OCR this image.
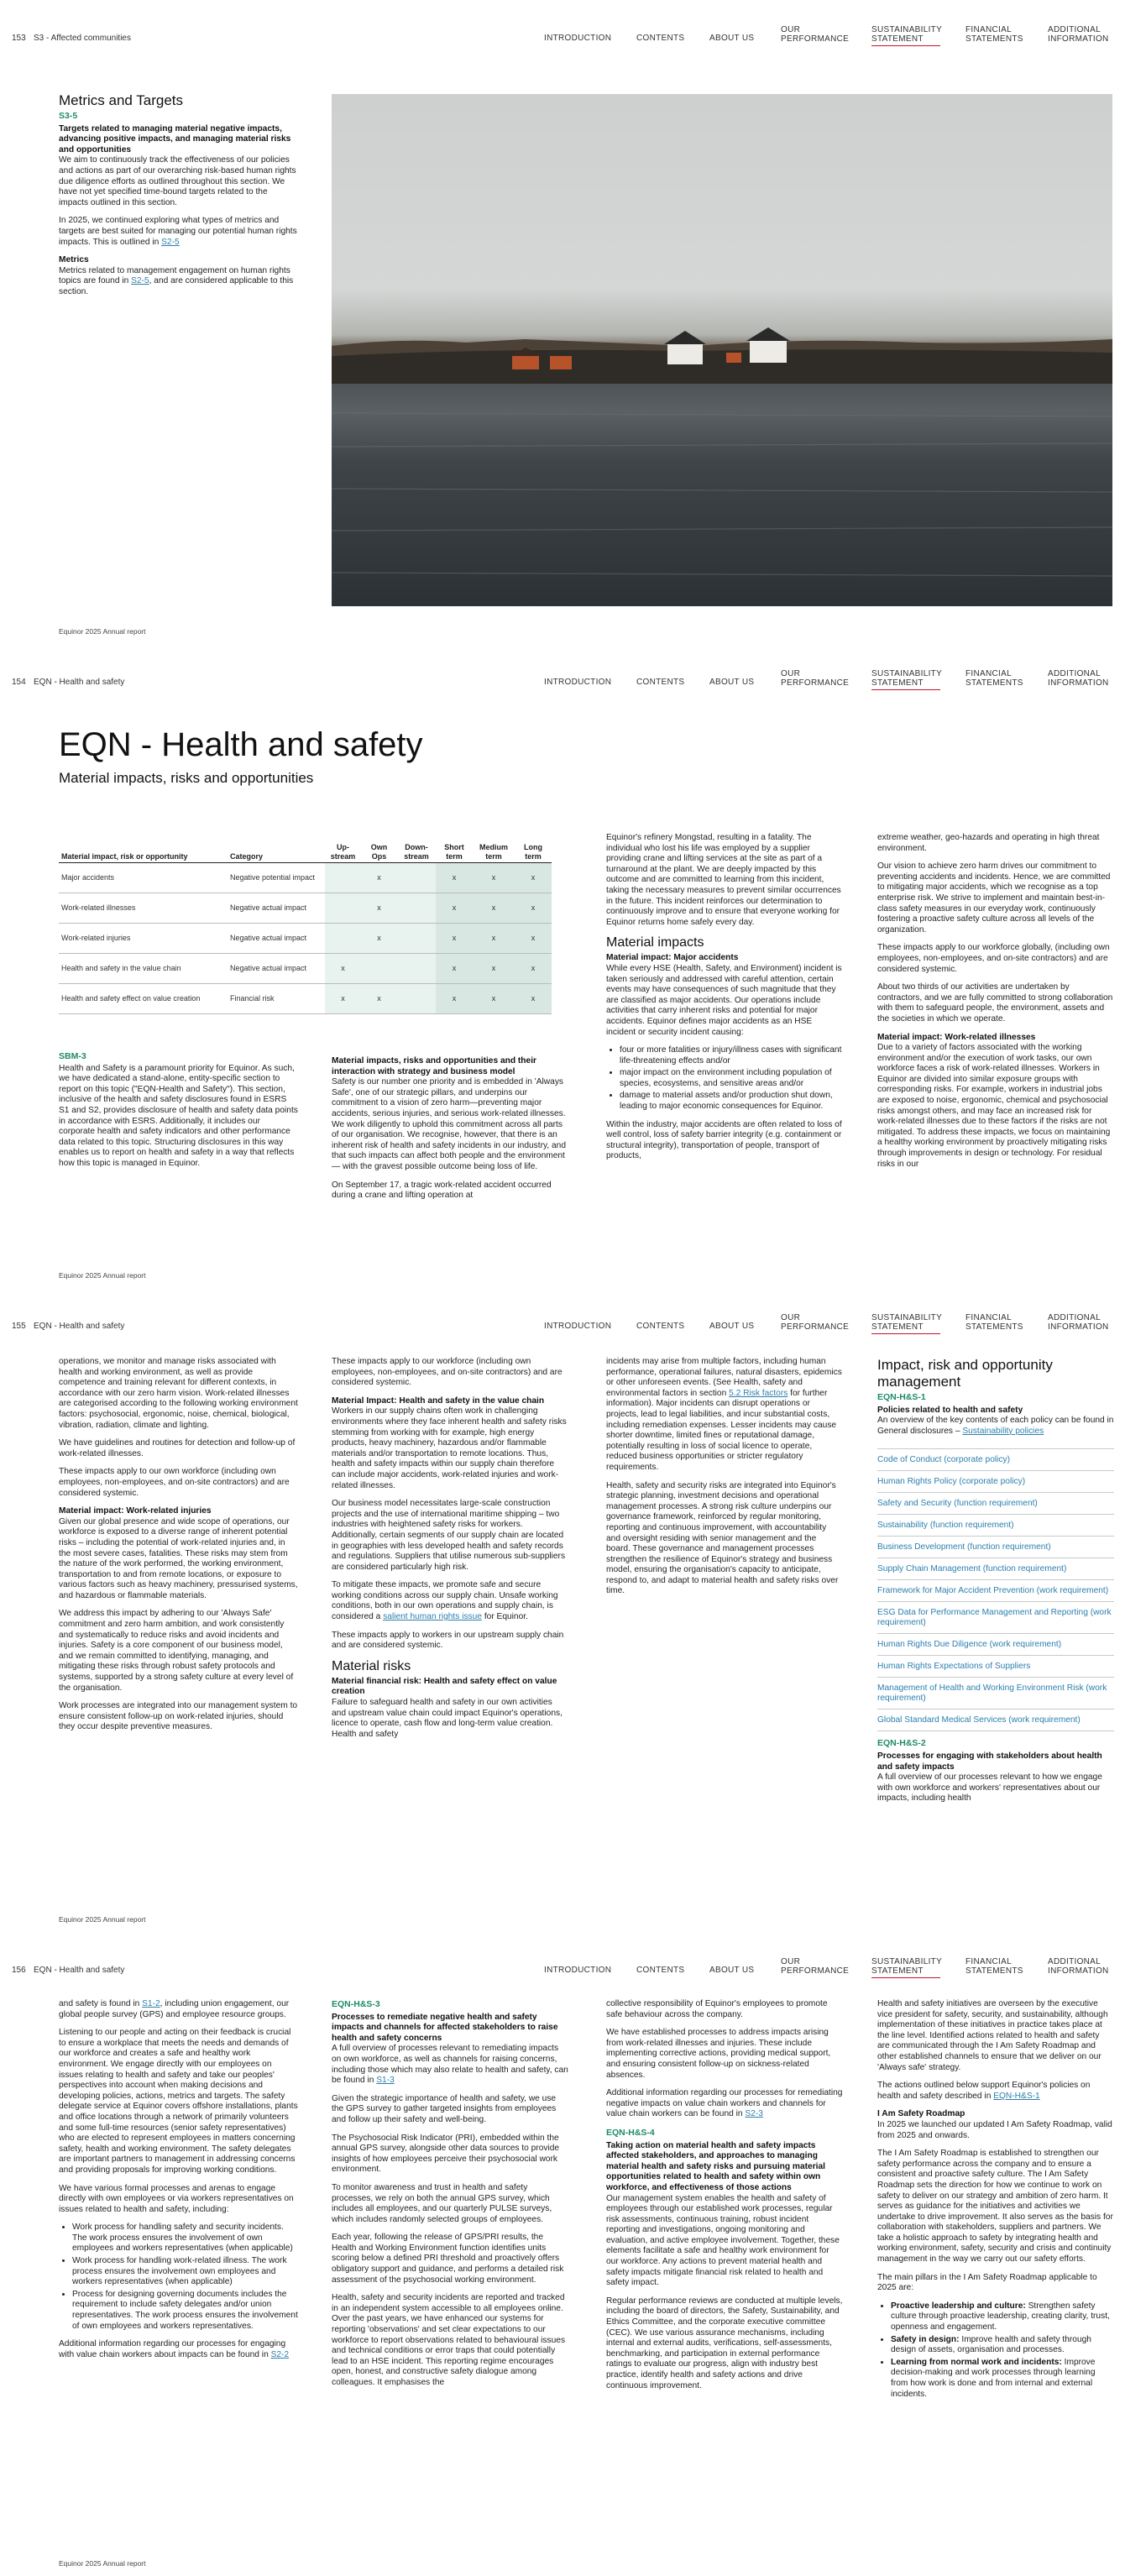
153 S3 - Affected communities	INTRODUCTION	CONTENTS	ABOUT US
OUR PERFORMANCE
SUSTAINABILITY STATEMENT
FINANCIAL STATEMENTS
ADDITIONAL INFORMATION
Metrics and Targets
S3-5
Targets related to managing material negative impacts, advancing positive impacts, and managing material risks and opportunities

We aim to continuously track the effectiveness of our policies and actions as part of our overarching risk-based human rights due diligence efforts as outlined throughout this section. We have not yet specified time-bound targets related to the impacts outlined in this section.

In 2025, we continued exploring what types of metrics and targets are best suited for managing our potential human rights impacts. This is outlined in S2-5

Metrics

Metrics related to management engagement on human rights topics are found in S2-5, and are considered applicable to this section.

Equinor 2025 Annual report
154 EQN - Health and safety	INTRODUCTION	CONTENTS	ABOUT US
OUR PERFORMANCE
SUSTAINABILITY STATEMENT
FINANCIAL STATEMENTS
ADDITIONAL INFORMATION
EQN - Health and safety
Material impacts, risks and opportunities
Equinor 2025 Annual report
Material impact, risk or opportunity	Category	Up-stream	Own Ops	Down-stream	Short term	Medium term	Long term
Major accidents	Negative potential impact		x		x	x	x
Work-related illnesses	Negative actual impact		x		x	x	x
Work-related injuries	Negative actual impact		x		x	x	x
Health and safety in the value chain	Negative actual impact	x			x	x	x
Health and safety effect on value creation	Financial risk	x	x		x	x	x
SBM-3

Health and Safety is a paramount priority for Equinor. As such, we have dedicated a stand-alone, entity-specific section to report on this topic ("EQN-Health and Safety"). This section, inclusive of the health and safety disclosures found in ESRS S1 and S2, provides disclosure of health and safety data points in accordance with ESRS. Additionally, it includes our corporate health and safety indicators and other performance data related to this topic. Structuring disclosures in this way enables us to report on health and safety in a way that reflects how this topic is managed in Equinor.

Material impacts, risks and opportunities and their interaction with strategy and business model

Safety is our number one priority and is embedded in 'Always Safe', one of our strategic pillars, and underpins our commitment to a vision of zero harm—preventing major accidents, serious injuries, and serious work-related illnesses. We work diligently to uphold this commitment across all parts of our organisation. We recognise, however, that there is an inherent risk of health and safety incidents in our industry, and that such impacts can affect both people and the environment — with the gravest possible outcome being loss of life.

On September 17, a tragic work-related accident occurred during a crane and lifting operation at

Equinor's refinery Mongstad, resulting in a fatality. The individual who lost his life was employed by a supplier providing crane and lifting services at the site as part of a turnaround at the plant. We are deeply impacted by this outcome and are committed to learning from this incident, taking the necessary measures to prevent similar occurrences in the future. This incident reinforces our determination to continuously improve and to ensure that everyone working for Equinor returns home safely every day.

Material impacts
Material impact: Major accidents

While every HSE (Health, Safety, and Environment) incident is taken seriously and addressed with careful attention, certain events may have consequences of such magnitude that they are classified as major accidents. Our operations include activities that carry inherent risks and potential for major accidents. Equinor defines major accidents as an HSE incident or security incident causing:

• four or more fatalities or injury/illness cases with significant life-threatening effects and/or
• major impact on the environment including population of species, ecosystems, and sensitive areas and/or
• damage to material assets and/or production shut down, leading to major economic consequences for Equinor.

Within the industry, major accidents are often related to loss of well control, loss of safety barrier integrity (e.g. containment or structural integrity), transportation of people, transport of products,

extreme weather, geo-hazards and operating in high threat environment.

Our vision to achieve zero harm drives our commitment to preventing accidents and incidents. Hence, we are committed to mitigating major accidents, which we recognise as a top enterprise risk. We strive to implement and maintain best-in-class safety measures in our everyday work, continuously fostering a proactive safety culture across all levels of the organization.

These impacts apply to our workforce globally, (including own employees, non-employees, and on-site contractors) and are considered systemic.

About two thirds of our activities are undertaken by contractors, and we are fully committed to strong collaboration with them to safeguard people, the environment, assets and the societies in which we operate.

Material impact: Work-related illnesses

Due to a variety of factors associated with the working environment and/or the execution of work tasks, our own workforce faces a risk of work-related illnesses. Workers in Equinor are divided into similar exposure groups with corresponding risks. For example, workers in industrial jobs are exposed to noise, ergonomic, chemical and psychosocial risks amongst others, and may face an increased risk for work-related illnesses due to these factors if the risks are not mitigated. To address these impacts, we focus on maintaining a healthy working environment by proactively mitigating risks through improvements in design or technology. For residual risks in our

155 EQN - Health and safety	INTRODUCTION	CONTENTS	ABOUT US
OUR PERFORMANCE
SUSTAINABILITY STATEMENT
FINANCIAL STATEMENTS
ADDITIONAL INFORMATION

operations, we monitor and manage risks associated with health and working environment, as well as provide competence and training relevant for different contexts, in accordance with our zero harm vision. Work-related illnesses are categorised according to the following working environment factors: psychosocial, ergonomic, noise, chemical, biological, vibration, radiation, climate and lighting.

We have guidelines and routines for detection and follow-up of work-related illnesses.

These impacts apply to our own workforce (including own employees, non-employees, and on-site contractors) and are considered systemic.

Material impact: Work-related injuries

Given our global presence and wide scope of operations, our workforce is exposed to a diverse range of inherent potential risks – including the potential of work-related injuries and, in the most severe cases, fatalities. These risks may stem from the nature of the work performed, the working environment, transportation to and from remote locations, or exposure to various factors such as heavy machinery, pressurised systems, and hazardous or flammable materials.

We address this impact by adhering to our 'Always Safe' commitment and zero harm ambition, and work consistently and systematically to reduce risks and avoid incidents and injuries. Safety is a core component of our business model, and we remain committed to identifying, managing, and mitigating these risks through robust safety protocols and systems, supported by a strong safety culture at every level of the organisation.

Work processes are integrated into our management system to ensure consistent follow-up on work-related injuries, should they occur despite preventive measures.

These impacts apply to our workforce (including own employees, non-employees, and on-site contractors) and are considered systemic.

Material Impact: Health and safety in the value chain

Workers in our supply chains often work in challenging environments where they face inherent health and safety risks stemming from working with for example, high energy products, heavy machinery, hazardous and/or flammable materials and/or transportation to remote locations. Thus, health and safety impacts within our supply chain therefore can include major accidents, work-related injuries and work-related illnesses.

Our business model necessitates large-scale construction projects and the use of international maritime shipping – two industries with heightened safety risks for workers. Additionally, certain segments of our supply chain are located in geographies with less developed health and safety records and regulations. Suppliers that utilise numerous sub-suppliers are considered particularly high risk.

To mitigate these impacts, we promote safe and secure working conditions across our supply chain. Unsafe working conditions, both in our own operations and supply chain, is considered a salient human rights issue for Equinor.

These impacts apply to workers in our upstream supply chain and are considered systemic.

Material risks
Material financial risk: Health and safety effect on value creation

Failure to safeguard health and safety in our own activities and upstream value chain could impact Equinor's operations, licence to operate, cash flow and long-term value creation. Health and safety

incidents may arise from multiple factors, including human performance, operational failures, natural disasters, epidemics or other unforeseen events. (See Health, safety and environmental factors in section 5.2 Risk factors for further information). Major incidents can disrupt operations or projects, lead to legal liabilities, and incur substantial costs, including remediation expenses. Lesser incidents may cause shorter downtime, limited fines or reputational damage, potentially resulting in loss of social licence to operate, reduced business opportunities or stricter regulatory requirements.

Health, safety and security risks are integrated into Equinor's strategic planning, investment decisions and operational management processes. A strong risk culture underpins our governance framework, reinforced by regular monitoring, reporting and continuous improvement, with accountability and oversight residing with senior management and the board. These governance and management processes strengthen the resilience of Equinor's strategy and business model, ensuring the organisation's capacity to anticipate, respond to, and adapt to material health and safety risks over time.

Impact, risk and opportunity management
EQN-H&S-1
Policies related to health and safety

An overview of the key contents of each policy can be found in General disclosures – Sustainability policies

Code of Conduct (corporate policy)
Human Rights Policy (corporate policy)
Safety and Security (function requirement)
Sustainability (function requirement)
Business Development (function requirement)
Supply Chain Management (function requirement)
Framework for Major Accident Prevention (work requirement)
ESG Data for Performance Management and Reporting (work requirement)
Human Rights Due Diligence (work requirement)
Human Rights Expectations of Suppliers
Management of Health and Working Environment Risk (work requirement)
Global Standard Medical Services (work requirement)
EQN-H&S-2
Processes for engaging with stakeholders about health and safety impacts

A full overview of our processes relevant to how we engage with own workforce and workers' representatives about our impacts, including health

Equinor 2025 Annual report
156 EQN - Health and safety	INTRODUCTION	CONTENTS	ABOUT US
OUR PERFORMANCE
SUSTAINABILITY STATEMENT
FINANCIAL STATEMENTS
ADDITIONAL INFORMATION

and safety is found in S1-2, including union engagement, our global people survey (GPS) and employee resource groups.

Listening to our people and acting on their feedback is crucial to ensure a workplace that meets the needs and demands of our workforce and creates a safe and healthy work environment. We engage directly with our employees on issues relating to health and safety and take our peoples' perspectives into account when making decisions and developing policies, actions, metrics and targets. The safety delegate service at Equinor covers offshore installations, plants and office locations through a network of primarily volunteers and some full-time resources (senior safety representatives) who are elected to represent employees in matters concerning safety, health and working environment. The safety delegates are important partners to management in addressing concerns and providing proposals for improving working conditions.

We have various formal processes and arenas to engage directly with own employees or via workers representatives on issues related to health and safety, including:

• Work process for handling safety and security incidents. The work process ensures the involvement of own employees and workers representatives (when applicable)
• Work process for handling work-related illness. The work process ensures the involvement own employees and workers representatives (when applicable)
• Process for designing governing documents includes the requirement to include safety delegates and/or union representatives. The work process ensures the involvement of own employees and workers representatives.

Additional information regarding our processes for engaging with value chain workers about impacts can be found in S2-2

EQN-H&S-3
Processes to remediate negative health and safety impacts and channels for affected stakeholders to raise health and safety concerns

A full overview of processes relevant to remediating impacts on own workforce, as well as channels for raising concerns, including those which may also relate to health and safety, can be found in S1-3

Given the strategic importance of health and safety, we use the GPS survey to gather targeted insights from employees and follow up their safety and well-being.

The Psychosocial Risk Indicator (PRI), embedded within the annual GPS survey, alongside other data sources to provide insights of how employees perceive their psychosocial work environment.

To monitor awareness and trust in health and safety processes, we rely on both the annual GPS survey, which includes all employees, and our quarterly PULSE surveys, which includes randomly selected groups of employees.

Each year, following the release of GPS/PRI results, the Health and Working Environment function identifies units scoring below a defined PRI threshold and proactively offers obligatory support and guidance, and performs a detailed risk assessment of the psychosocial working environment.

Health, safety and security incidents are reported and tracked in an independent system accessible to all employees online. Over the past years, we have enhanced our systems for reporting 'observations' and set clear expectations to our workforce to report observations related to behavioural issues and technical conditions or error traps that could potentially lead to an HSE incident. This reporting regime encourages open, honest, and constructive safety dialogue among colleagues. It emphasises the

collective responsibility of Equinor's employees to promote safe behaviour across the company.

We have established processes to address impacts arising from work-related illnesses and injuries. These include implementing corrective actions, providing medical support, and ensuring consistent follow-up on sickness-related absences.

Additional information regarding our processes for remediating negative impacts on value chain workers and channels for value chain workers can be found in S2-3

EQN-H&S-4
Taking action on material health and safety impacts affected stakeholders, and approaches to managing material health and safety risks and pursuing material opportunities related to health and safety within own workforce, and effectiveness of those actions

Our management system enables the health and safety of employees through our established work processes, regular risk assessments, continuous training, robust incident reporting and investigations, ongoing monitoring and evaluation, and active employee involvement. Together, these elements facilitate a safe and healthy work environment for our workforce. Any actions to prevent material health and safety impacts mitigate financial risk related to health and safety impact.

Regular performance reviews are conducted at multiple levels, including the board of directors, the Safety, Sustainability, and Ethics Committee, and the corporate executive committee (CEC). We use various assurance mechanisms, including internal and external audits, verifications, self-assessments, benchmarking, and participation in external performance ratings to evaluate our progress, align with industry best practice, identify health and safety actions and drive continuous improvement.

Health and safety initiatives are overseen by the executive vice president for safety, security, and sustainability, although implementation of these initiatives in practice takes place at the line level. Identified actions related to health and safety are communicated through the I Am Safety Roadmap and other established channels to ensure that we deliver on our 'Always safe' strategy.

The actions outlined below support Equinor's policies on health and safety described in EQN-H&S-1

I Am Safety Roadmap

In 2025 we launched our updated I Am Safety Roadmap, valid from 2025 and onwards.

The I Am Safety Roadmap is established to strengthen our safety performance across the company and to ensure a consistent and proactive safety culture. The I Am Safety Roadmap sets the direction for how we continue to work on safety to deliver on our strategy and ambition of zero harm. It serves as guidance for the initiatives and activities we undertake to drive improvement. It also serves as the basis for collaboration with stakeholders, suppliers and partners. We take a holistic approach to safety by integrating health and working environment, safety, security and crisis and continuity management in the way we carry out our safety efforts.

The main pillars in the I Am Safety Roadmap applicable to 2025 are:

• Proactive leadership and culture: Strengthen safety culture through proactive leadership, creating clarity, trust, openness and engagement.
• Safety in design: Improve health and safety through design of assets, organisation and processes.
• Learning from normal work and incidents: Improve decision-making and work processes through learning from how work is done and from internal and external incidents.
Equinor 2025 Annual report
